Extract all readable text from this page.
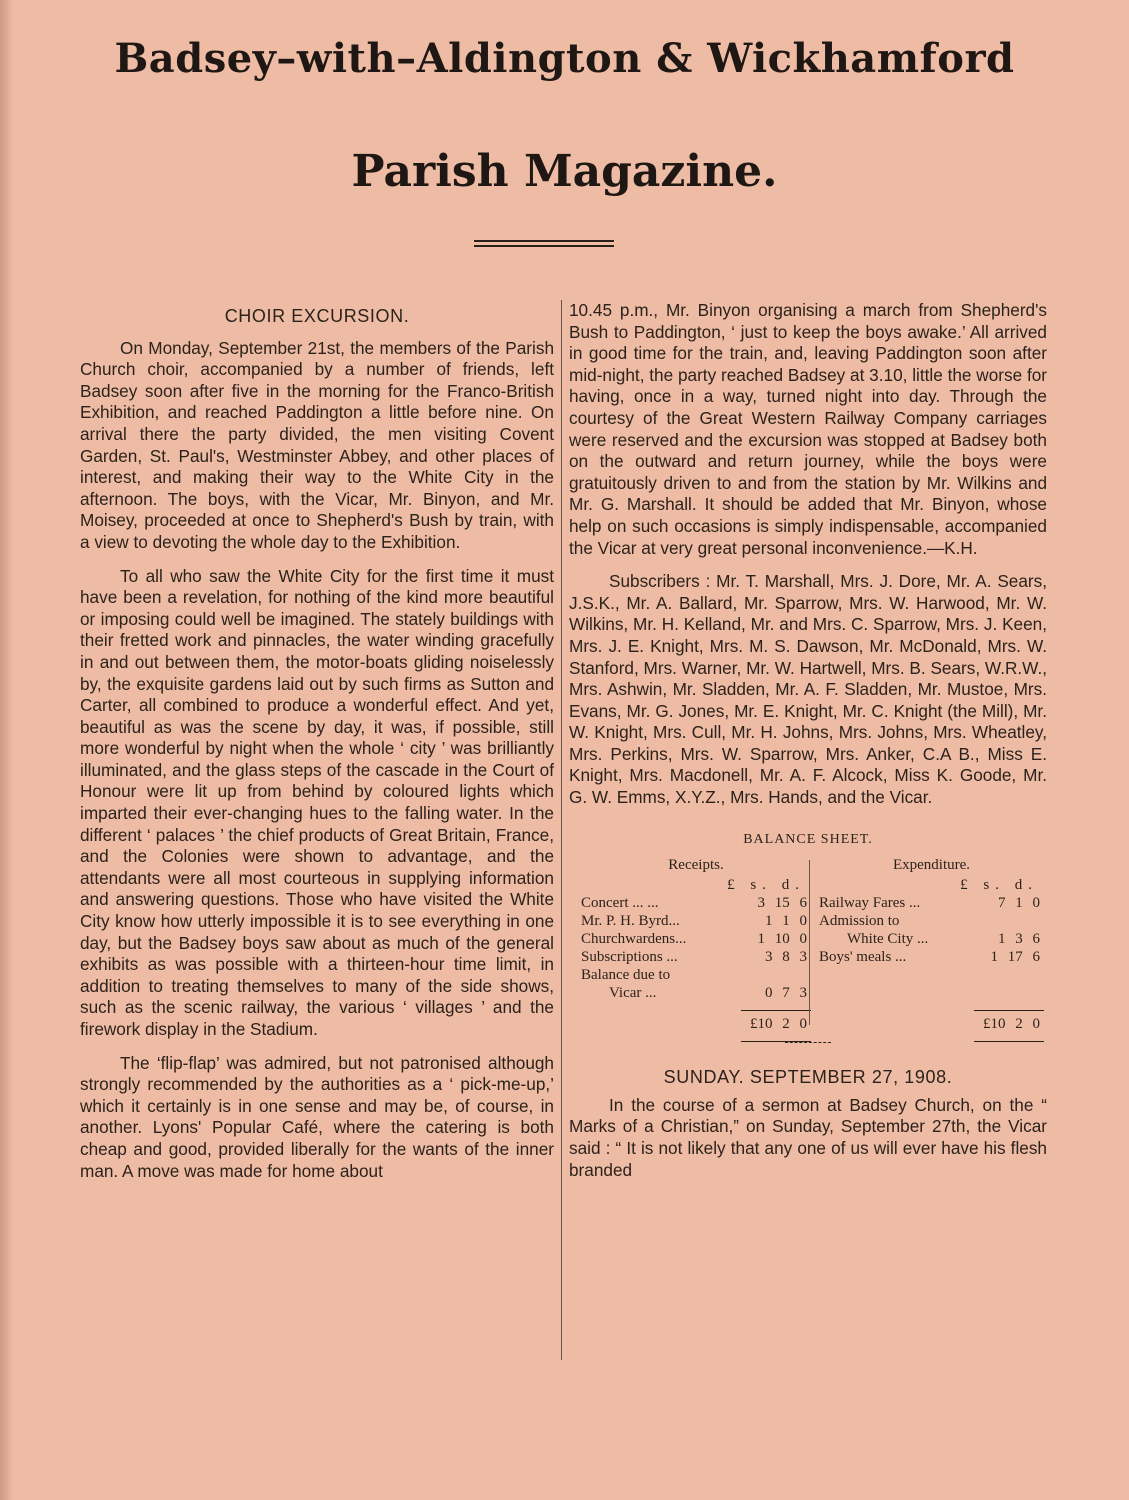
Badsey–with–Aldington & Wickhamford
Parish Magazine.
CHOIR EXCURSION.

On Monday, September 21st, the members of the Parish Church choir, accompanied by a number of friends, left Badsey soon after five in the morning for the Franco-British Exhibition, and reached Paddington a little before nine. On arrival there the party divided, the men visiting Covent Garden, St. Paul's, Westminster Abbey, and other places of interest, and making their way to the White City in the afternoon. The boys, with the Vicar, Mr. Binyon, and Mr. Moisey, proceeded at once to Shepherd's Bush by train, with a view to devoting the whole day to the Exhibition.

To all who saw the White City for the first time it must have been a revelation, for nothing of the kind more beautiful or imposing could well be imagined. The stately buildings with their fretted work and pinnacles, the water winding gracefully in and out between them, the motor-boats gliding noiselessly by, the exquisite gardens laid out by such firms as Sutton and Carter, all combined to produce a wonderful effect. And yet, beautiful as was the scene by day, it was, if possible, still more wonderful by night when the whole ‘ city ’ was brilliantly illuminated, and the glass steps of the cascade in the Court of Honour were lit up from behind by coloured lights which imparted their ever-changing hues to the falling water. In the different ‘ palaces ’ the chief products of Great Britain, France, and the Colonies were shown to advantage, and the attendants were all most courteous in supplying information and answering questions. Those who have visited the White City know how utterly impossible it is to see everything in one day, but the Badsey boys saw about as much of the general exhibits as was possible with a thirteen-hour time limit, in addition to treating themselves to many of the side shows, such as the scenic railway, the various ‘ villages ’ and the firework display in the Stadium.

The ‘flip-flap’ was admired, but not patronised although strongly recommended by the authorities as a ‘ pick-me-up,’ which it certainly is in one sense and may be, of course, in another. Lyons' Popular Café, where the catering is both cheap and good, provided liberally for the wants of the inner man. A move was made for home about

10.45 p.m., Mr. Binyon organising a march from Shepherd's Bush to Paddington, ‘ just to keep the boys awake.’ All arrived in good time for the train, and, leaving Paddington soon after mid-night, the party reached Badsey at 3.10, little the worse for having, once in a way, turned night into day. Through the courtesy of the Great Western Railway Company carriages were reserved and the excursion was stopped at Badsey both on the outward and return journey, while the boys were gratuitously driven to and from the station by Mr. Wilkins and Mr. G. Marshall. It should be added that Mr. Binyon, whose help on such occasions is simply indispensable, accompanied the Vicar at very great personal inconvenience.—K.H.

Subscribers : Mr. T. Marshall, Mrs. J. Dore, Mr. A. Sears, J.S.K., Mr. A. Ballard, Mr. Sparrow, Mrs. W. Harwood, Mr. W. Wilkins, Mr. H. Kelland, Mr. and Mrs. C. Sparrow, Mrs. J. Keen, Mrs. J. E. Knight, Mrs. M. S. Dawson, Mr. McDonald, Mrs. W. Stanford, Mrs. Warner, Mr. W. Hartwell, Mrs. B. Sears, W.R.W., Mrs. Ashwin, Mr. Sladden, Mr. A. F. Sladden, Mr. Mustoe, Mrs. Evans, Mr. G. Jones, Mr. E. Knight, Mr. C. Knight (the Mill), Mr. W. Knight, Mrs. Cull, Mr. H. Johns, Mrs. Johns, Mrs. Wheatley, Mrs. Perkins, Mrs. W. Sparrow, Mrs. Anker, C.A B., Miss E. Knight, Mrs. Macdonell, Mr. A. F. Alcock, Miss K. Goode, Mr. G. W. Emms, X.Y.Z., Mrs. Hands, and the Vicar.

BALANCE SHEET.
Receipts.
£ s. d.
Concert ... ...	3 15 6
Mr. P. H. Byrd...	1 1 0
Churchwardens...	1 10 0
Subscriptions ...	3 8 3
Balance due to
Vicar ...	0 7 3
£10 2 0
Expenditure.
£ s. d.
Railway Fares ...	7 1 0
Admission to
White City ...	1 3 6
Boys' meals ...	1 17 6
£10 2 0
SUNDAY. SEPTEMBER 27, 1908.

In the course of a sermon at Badsey Church, on the “ Marks of a Christian,” on Sunday, September 27th, the Vicar said : “ It is not likely that any one of us will ever have his flesh branded
